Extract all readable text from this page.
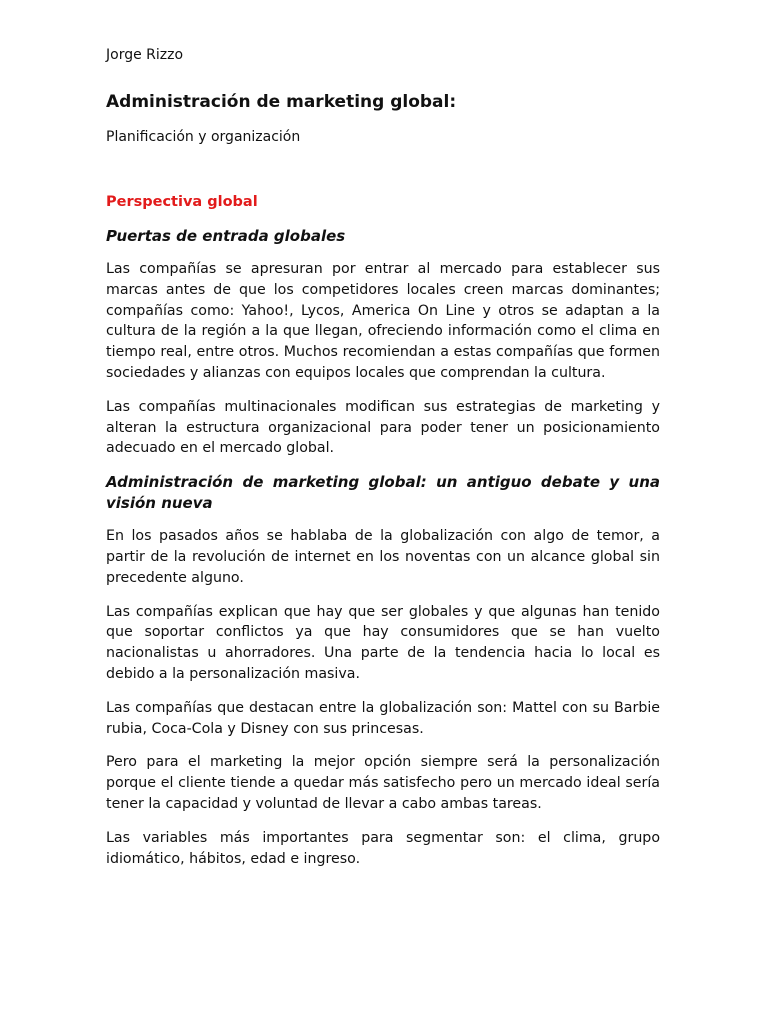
Jorge Rizzo

Administración de marketing global:

Planificación y organización

Perspectiva global
Puertas de entrada globales

Las compañías se apresuran por entrar al mercado para establecer sus marcas antes de que los competidores locales creen marcas dominantes; compañías como: Yahoo!, Lycos, America On Line y otros se adaptan a la cultura de la región a la que llegan, ofreciendo información como el clima en tiempo real, entre otros. Muchos recomiendan a estas compañías que formen sociedades y alianzas con equipos locales que comprendan la cultura.

Las compañías multinacionales modifican sus estrategias de marketing y alteran la estructura organizacional para poder tener un posicionamiento adecuado en el mercado global.

Administración de marketing global: un antiguo debate y una visión nueva

En los pasados años se hablaba de la globalización con algo de temor, a partir de la revolución de internet en los noventas con un alcance global sin precedente alguno.

Las compañías explican que hay que ser globales y que algunas han tenido que soportar conflictos ya que hay consumidores que se han vuelto nacionalistas u ahorradores. Una parte de la tendencia hacia lo local es debido a la personalización masiva.

Las compañías que destacan entre la globalización son: Mattel con su Barbie rubia, Coca-Cola y Disney con sus princesas.

Pero para el marketing la mejor opción siempre será la personalización porque el cliente tiende a quedar más satisfecho pero un mercado ideal sería tener la capacidad y voluntad de llevar a cabo ambas tareas.

Las variables más importantes para segmentar son: el clima, grupo idiomático, hábitos, edad e ingreso.
